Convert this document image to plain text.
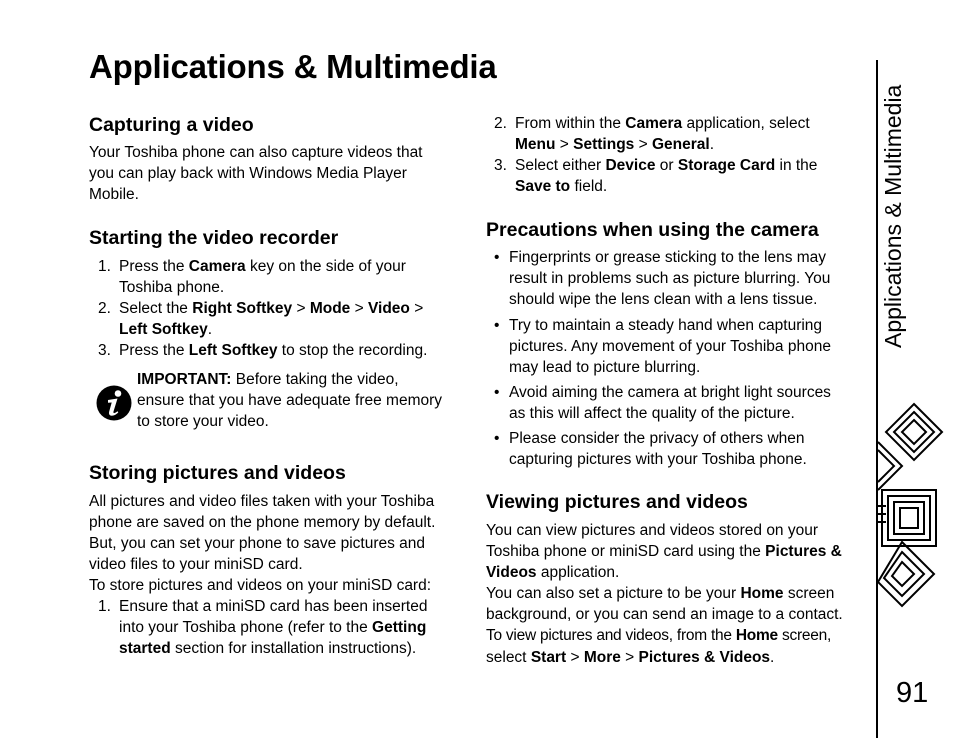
Applications & Multimedia
Capturing a video
Your Toshiba phone can also capture videos that
you can play back with Windows Media Player
Mobile.
Starting the video recorder
1. Press the Camera key on the side of your
Toshiba phone.
2. Select the Right Softkey > Mode > Video >
Left Softkey.
3. Press the Left Softkey to stop the recording.
IMPORTANT: Before taking the video,
ensure that you have adequate free memory
to store your video.
Storing pictures and videos
All pictures and video files taken with your Toshiba
phone are saved on the phone memory by default.
But, you can set your phone to save pictures and
video files to your miniSD card.
To store pictures and videos on your miniSD card:
1. Ensure that a miniSD card has been inserted
into your Toshiba phone (refer to the Getting
started section for installation instructions).
2. From within the Camera application, select
Menu > Settings > General.
3. Select either Device or Storage Card in the
Save to field.
Precautions when using the camera
• Fingerprints or grease sticking to the lens may
result in problems such as picture blurring. You
should wipe the lens clean with a lens tissue.
• Try to maintain a steady hand when capturing
pictures. Any movement of your Toshiba phone
may lead to picture blurring.
• Avoid aiming the camera at bright light sources
as this will affect the quality of the picture.
• Please consider the privacy of others when
capturing pictures with your Toshiba phone.
Viewing pictures and videos
You can view pictures and videos stored on your
Toshiba phone or miniSD card using the Pictures &
Videos application.
You can also set a picture to be your Home screen
background, or you can send an image to a contact.
To view pictures and videos, from the Home screen,
select Start > More > Pictures & Videos.
Applications & Multimedia
91
